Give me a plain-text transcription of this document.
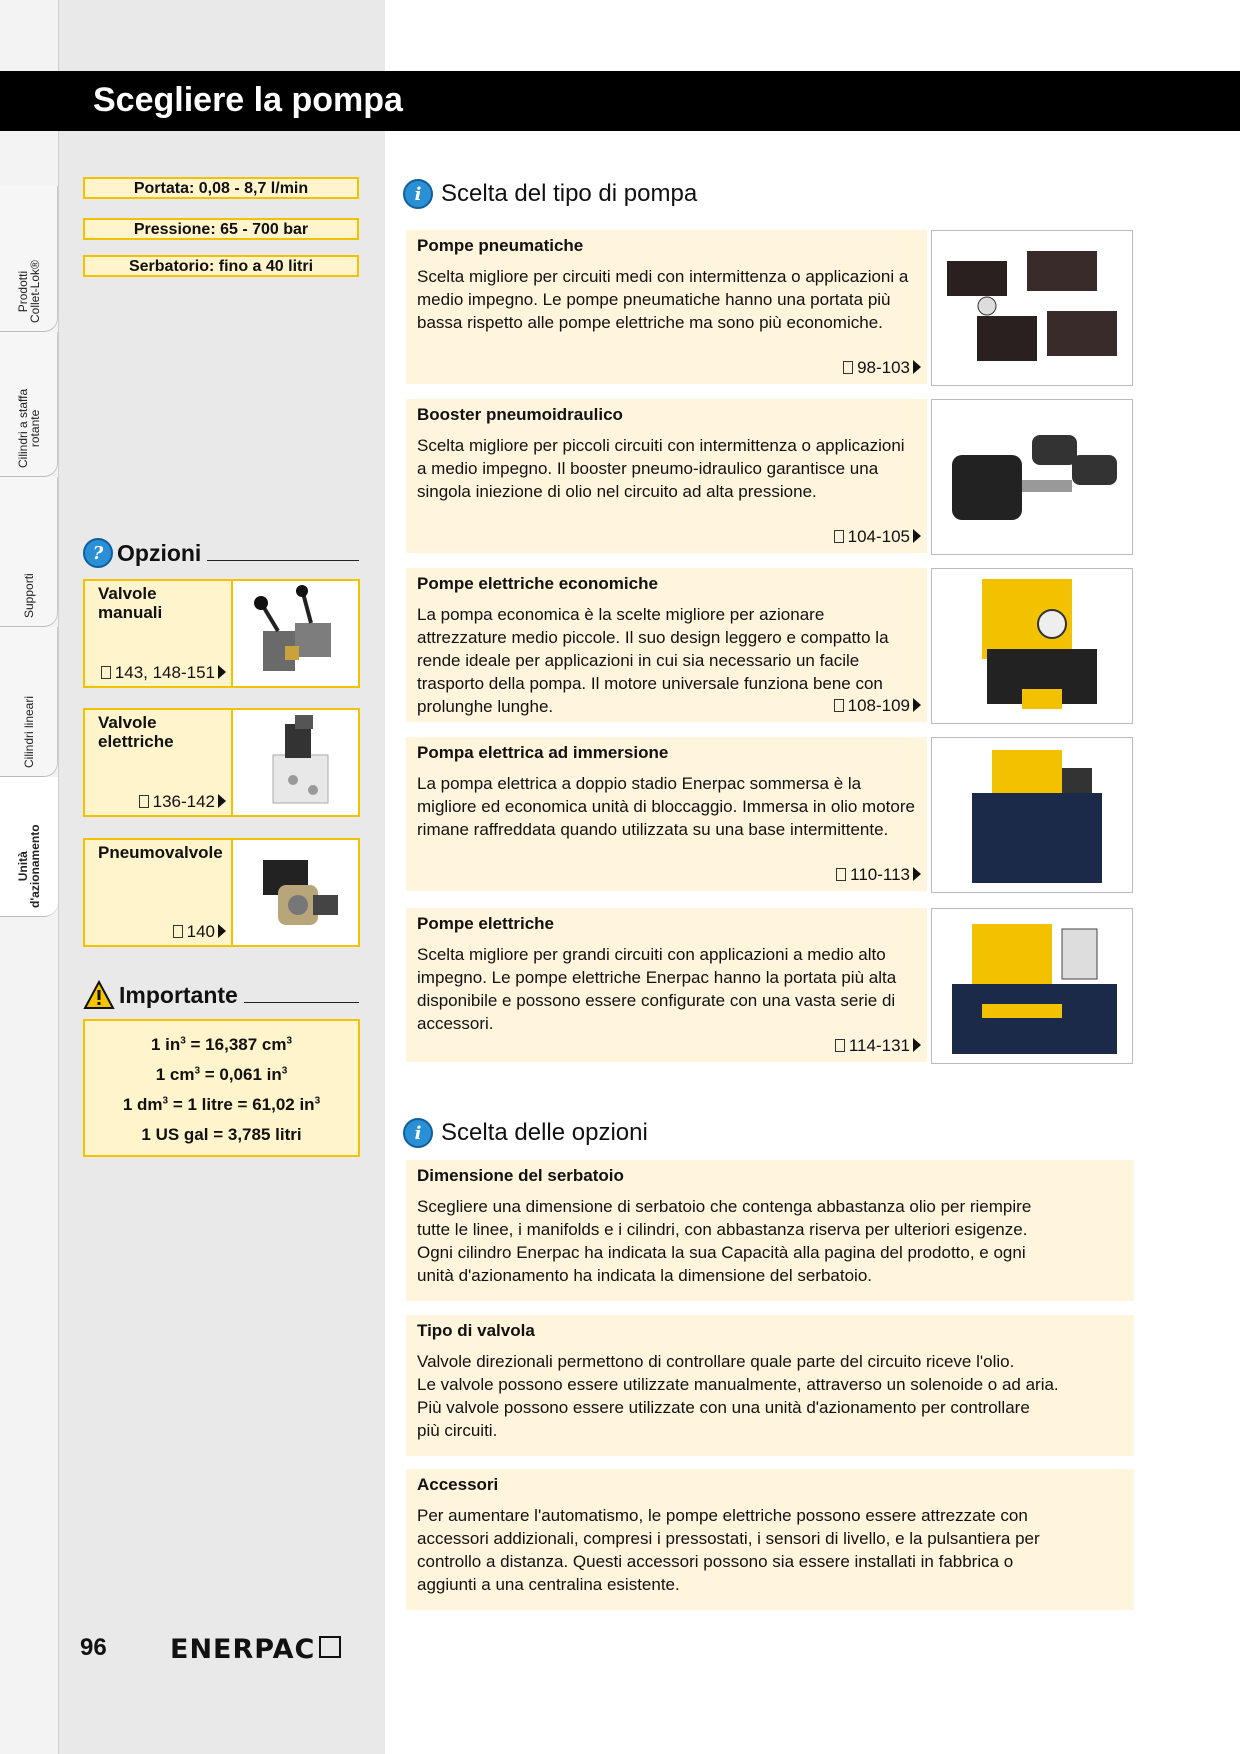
Prodotti
Collet-Lok®
Cilindri a staffa
rotante
Supporti
Cilindri lineari
Unità
d'azionamento
Scegliere la pompa
Portata: 0,08 - 8,7 l/min
Pressione: 65 - 700 bar
Serbatorio: fino a 40 litri
? Opzioni
Valvole
manuali
143, 148-151
Valvole
elettriche
136-142
Pneumovalvole
140
Importante
1 $in^3 = 16,387$ $cm^3$
1 $cm^3 = 0,061$ $in^3$
1 $dm^3 = 1$ litre = 61,02 $in^3$
1 US gal = 3,785 litri
i Scelta del tipo di pompa
Pompe pneumatiche
Scelta migliore per circuiti medi con intermittenza o applicazioni a medio impegno. Le pompe pneumatiche hanno una portata più bassa rispetto alle pompe elettriche ma sono più economiche.
98-103
Booster pneumoidraulico
Scelta migliore per piccoli circuiti con intermittenza o applicazioni a medio impegno. Il booster pneumo-idraulico garantisce una singola iniezione di olio nel circuito ad alta pressione.
104-105
Pompe elettriche economiche
La pompa economica è la scelte migliore per azionare attrezzature medio piccole. Il suo design leggero e compatto la rende ideale per applicazioni in cui sia necessario un facile trasporto della pompa. Il motore universale funziona bene con prolunghe lunghe.	108-109
Pompa elettrica ad immersione
La pompa elettrica a doppio stadio Enerpac sommersa è la migliore ed economica unità di bloccaggio. Immersa in olio motore rimane raffreddata quando utilizzata su una base intermittente.
110-113
Pompe elettriche
Scelta migliore per grandi circuiti con applicazioni a medio alto impegno. Le pompe elettriche Enerpac hanno la portata più alta disponibile e possono essere configurate con una vasta serie di accessori.
114-131
i Scelta delle opzioni
Dimensione del serbatoio
Scegliere una dimensione di serbatoio che contenga abbastanza olio per riempire
tutte le linee, i manifolds e i cilindri, con abbastanza riserva per ulteriori esigenze.
Ogni cilindro Enerpac ha indicata la sua Capacità alla pagina del prodotto, e ogni
unità d'azionamento ha indicata la dimensione del serbatoio.
Tipo di valvola
Valvole direzionali permettono di controllare quale parte del circuito riceve l'olio.
Le valvole possono essere utilizzate manualmente, attraverso un solenoide o ad aria.
Più valvole possono essere utilizzate con una unità d'azionamento per controllare
più circuiti.
Accessori
Per aumentare l'automatismo, le pompe elettriche possono essere attrezzate con
accessori addizionali, compresi i pressostati, i sensori di livello, e la pulsantiera per
controllo a distanza. Questi accessori possono sia essere installati in fabbrica o
aggiunti a una centralina esistente.
96 ENERPAC
